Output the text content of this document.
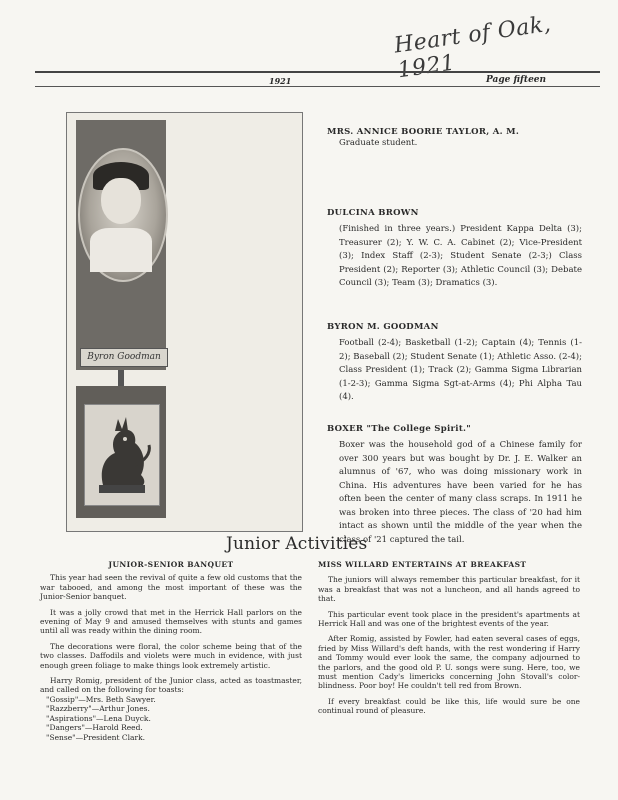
Heart of Oak, 1921
1921	Page fifteen
Byron Goodman
MRS. ANNICE BOORIE TAYLOR, A. M.
Graduate student.
DULCINA BROWN
(Finished in three years.) President Kappa Delta (3); Treasurer (2); Y. W. C. A. Cabinet (2); Vice-President (3); Index Staff (2-3); Student Senate (2-3;) Class President (2); Reporter (3); Athletic Council (3); Debate Council (3); Team (3); Dramatics (3).
BYRON M. GOODMAN
Football (2-4); Basketball (1-2); Captain (4); Tennis (1-2); Baseball (2); Student Senate (1); Athletic Asso. (2-4); Class President (1); Track (2); Gamma Sigma Librarian (1-2-3); Gamma Sigma Sgt-at-Arms (4); Phi Alpha Tau (4).
BOXER "The College Spirit."
Boxer was the household god of a Chinese family for over 300 years but was bought by Dr. J. E. Walker an alumnus of '67, who was doing missionary work in China. His adventures have been varied for he has often been the center of many class scraps. In 1911 he was broken into three pieces. The class of '20 had him intact as shown until the middle of the year when the class of '21 captured the tail.
Junior Activities
JUNIOR-SENIOR BANQUET

This year had seen the revival of quite a few old customs that the war tabooed, and among the most important of these was the Junior-Senior banquet.

It was a jolly crowd that met in the Herrick Hall parlors on the evening of May 9 and amused themselves with stunts and games until all was ready within the dining room.

The decorations were floral, the color scheme being that of the two classes. Daffodils and violets were much in evidence, with just enough green foliage to make things look extremely artistic.

Harry Romig, president of the Junior class, acted as toastmaster, and called on the following for toasts:

"Gossip"—Mrs. Beth Sawyer.
"Razzberry"—Arthur Jones.
"Aspirations"—Lena Duyck.
"Dangers"—Harold Reed.
"Sense"—President Clark.
MISS WILLARD ENTERTAINS AT BREAKFAST

The juniors will always remember this particular breakfast, for it was a breakfast that was not a luncheon, and all hands agreed to that.

This particular event took place in the president's apartments at Herrick Hall and was one of the brightest events of the year.

After Romig, assisted by Fowler, had eaten several cases of eggs, fried by Miss Willard's deft hands, with the rest wondering if Harry and Tommy would ever look the same, the company adjourned to the parlors, and the good old P. U. songs were sung. Here, too, we must mention Cady's limericks concerning John Stovall's color-blindness. Poor boy! He couldn't tell red from Brown.

If every breakfast could be like this, life would sure be one continual round of pleasure.
